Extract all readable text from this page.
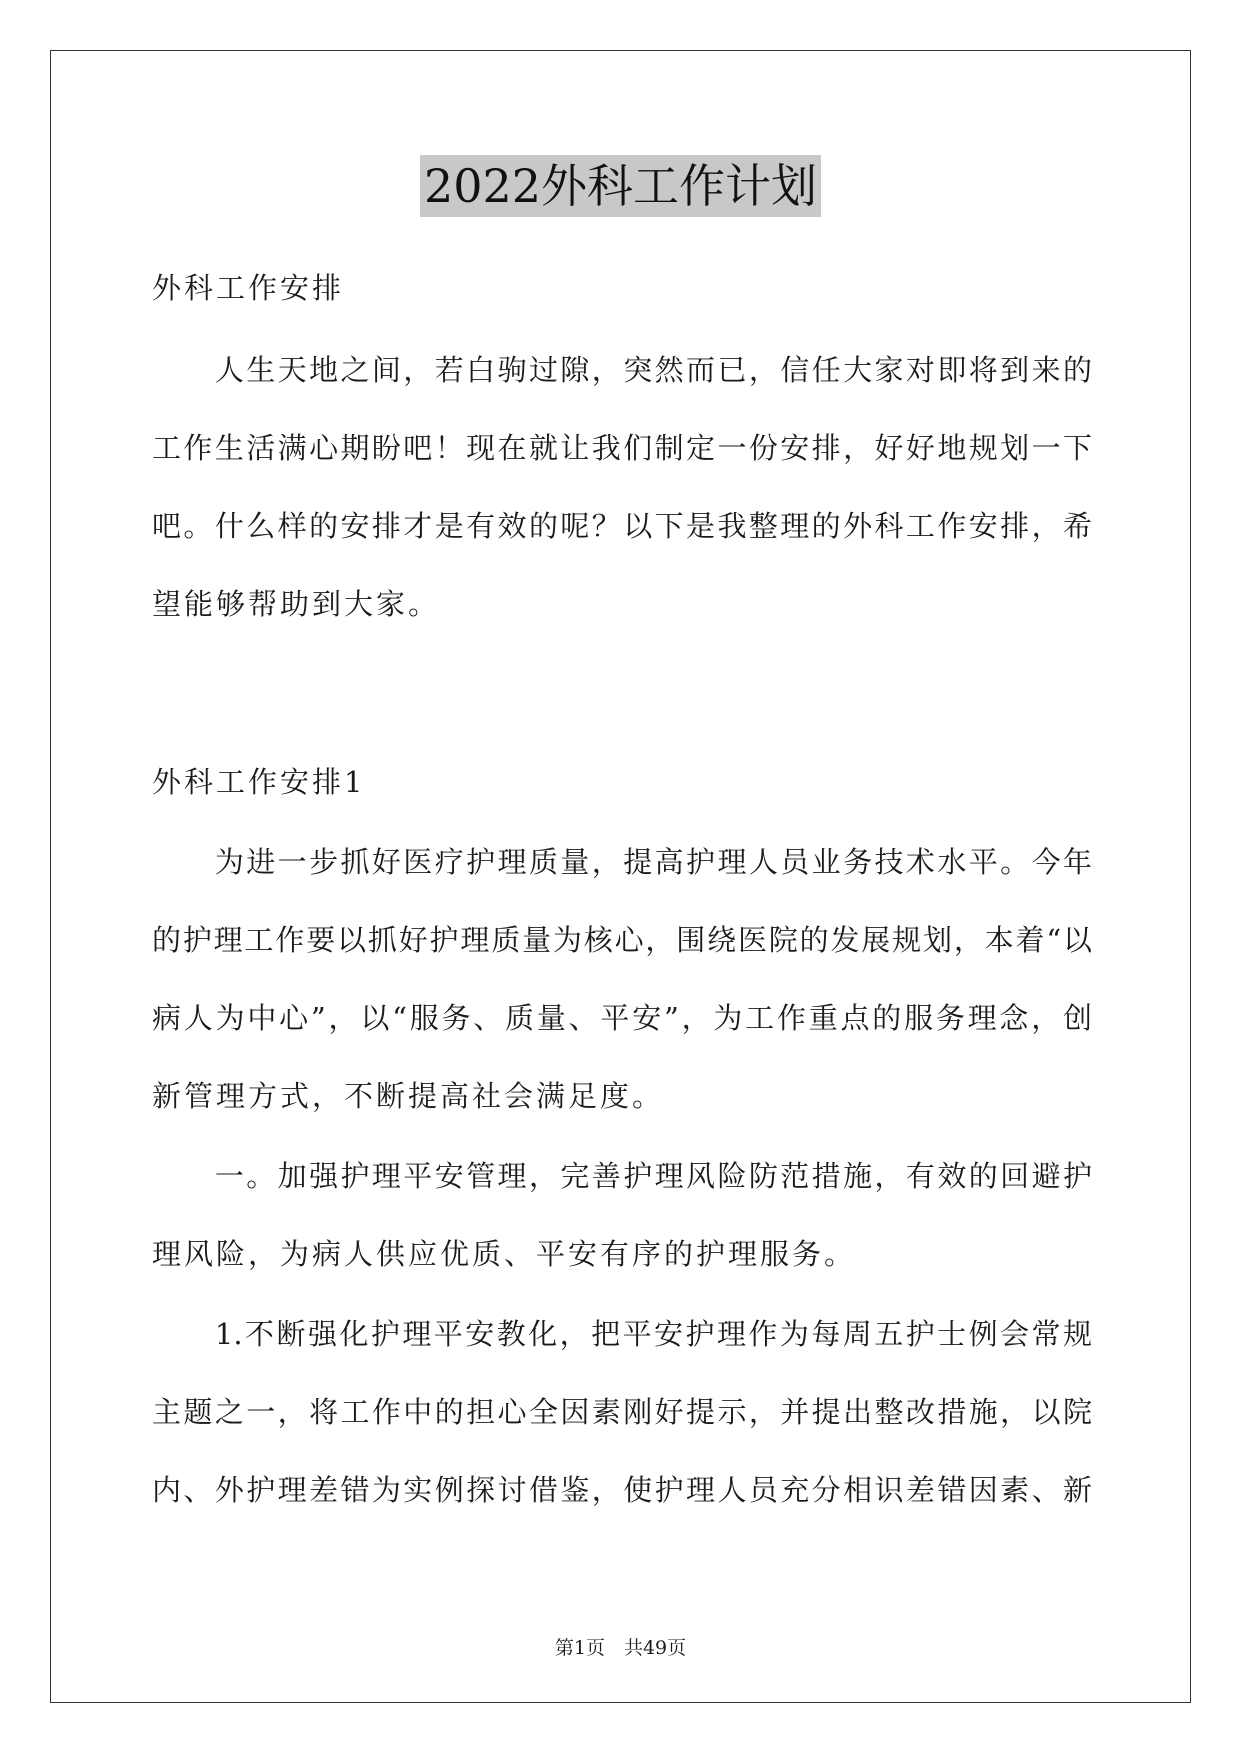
2022外科工作计划
外科工作安排
　　人生天地之间，若白驹过隙，突然而已，信任大家对即将到来的
工作生活满心期盼吧！现在就让我们制定一份安排，好好地规划一下
吧。什么样的安排才是有效的呢？以下是我整理的外科工作安排，希
望能够帮助到大家。
外科工作安排1
　　为进一步抓好医疗护理质量，提高护理人员业务技术水平。今年
的护理工作要以抓好护理质量为核心，围绕医院的发展规划，本着“以
病人为中心”，以“服务、质量、平安”，为工作重点的服务理念，创
新管理方式，不断提高社会满足度。
　　一。加强护理平安管理，完善护理风险防范措施，有效的回避护
理风险，为病人供应优质、平安有序的护理服务。
　　1.不断强化护理平安教化，把平安护理作为每周五护士例会常规
主题之一，将工作中的担心全因素刚好提示，并提出整改措施，以院
内、外护理差错为实例探讨借鉴，使护理人员充分相识差错因素、新
第1页　共49页
